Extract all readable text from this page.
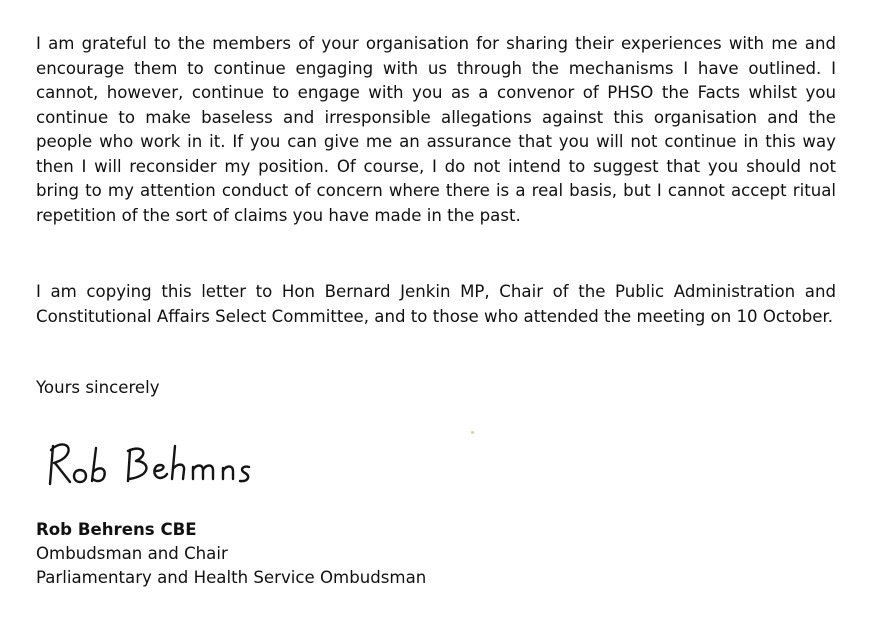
I am grateful to the members of your organisation for sharing their experiences with me and encourage them to continue engaging with us through the mechanisms I have outlined. I cannot, however, continue to engage with you as a convenor of PHSO the Facts whilst you continue to make baseless and irresponsible allegations against this organisation and the people who work in it. If you can give me an assurance that you will not continue in this way then I will reconsider my position. Of course, I do not intend to suggest that you should not bring to my attention conduct of concern where there is a real basis, but I cannot accept ritual repetition of the sort of claims you have made in the past.

I am copying this letter to Hon Bernard Jenkin MP, Chair of the Public Administration and Constitutional Affairs Select Committee, and to those who attended the meeting on 10 October.

Yours sincerely

Rob Behrens CBE

Ombudsman and Chair

Parliamentary and Health Service Ombudsman
